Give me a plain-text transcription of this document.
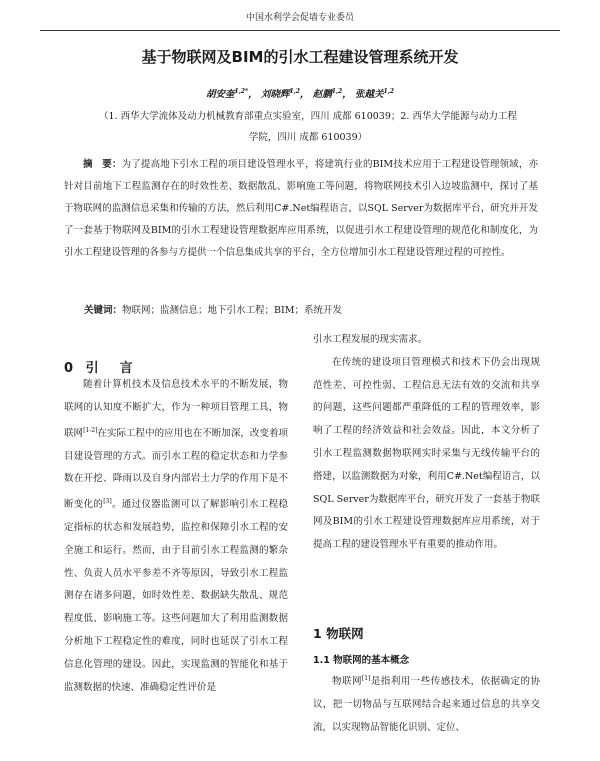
中国水利学会促墙专业委员
基于物联网及BIM的引水工程建设管理系统开发
胡安奎$^{1,2*}$， 刘晓辉$^{1,2}$， 赵鹏$^{1,2}$， 张越关$^{1,2}$
（1. 西华大学流体及动力机械教育部重点实验室，四川 成都 610039；2. 西华大学能源与动力工程
学院，四川 成都 610039）
摘　要：为了提高地下引水工程的项目建设管理水平，将建筑行业的BIM技术应用于工程建设管理领域，亦针对目前地下工程监测存在的时效性差、数据散乱、影响施工等问题，将物联网技术引入边坡监测中，探讨了基于物联网的监测信息采集和传输的方法，然后利用C#.Net编程语言，以SQL Server为数据库平台，研究并开发了一套基于物联网及BIM的引水工程建设管理数据库应用系统，以促进引水工程建设管理的规范化和制度化，为引水工程建设管理的各参与方提供一个信息集成共享的平台，全方位增加引水工程建设管理过程的可控性。
关键词：物联网；监测信息；地下引水工程；BIM；系统开发
0 引　言

随着计算机技术及信息技术水平的不断发展，物联网的认知度不断扩大，作为一种项目管理工具，物联网[1-2]在实际工程中的应用也在不断加深，改变着项目建设管理的方式。而引水工程的稳定状态和力学参数在开挖、降雨以及自身内部岩土力学的作用下是不断变化的[3]。通过仪器监测可以了解影响引水工程稳定指标的状态和发展趋势，监控和保障引水工程的安全施工和运行。然而，由于目前引水工程监测的繁杂性、负责人员水平参差不齐等原因，导致引水工程监测存在诸多问题，如时效性差、数据缺失散乱、规范程度低、影响施工等。这些问题加大了利用监测数据分析地下工程稳定性的难度，同时也延误了引水工程信息化管理的建设。因此，实现监测的智能化和基于监测数据的快速、准确稳定性评价是

引水工程发展的现实需求。

在传统的建设项目管理模式和技术下仍会出现规范性差、可控性弱、工程信息无法有效的交流和共享的问题，这些问题都严重降低的工程的管理效率，影响了工程的经济效益和社会效益。因此，本文分析了引水工程监测数据物联网实时采集与无线传输平台的搭建，以监测数据为对象，利用C#.Net编程语言，以SQL Server为数据库平台，研究开发了一套基于物联网及BIM的引水工程建设管理数据库应用系统，对于提高工程的建设管理水平有重要的推动作用。

1 物联网
1.1 物联网的基本概念

物联网[1]是指利用一些传感技术，依据确定的协议，把一切物品与互联网结合起来通过信息的共享交流，以实现物品智能化识别、定位、
